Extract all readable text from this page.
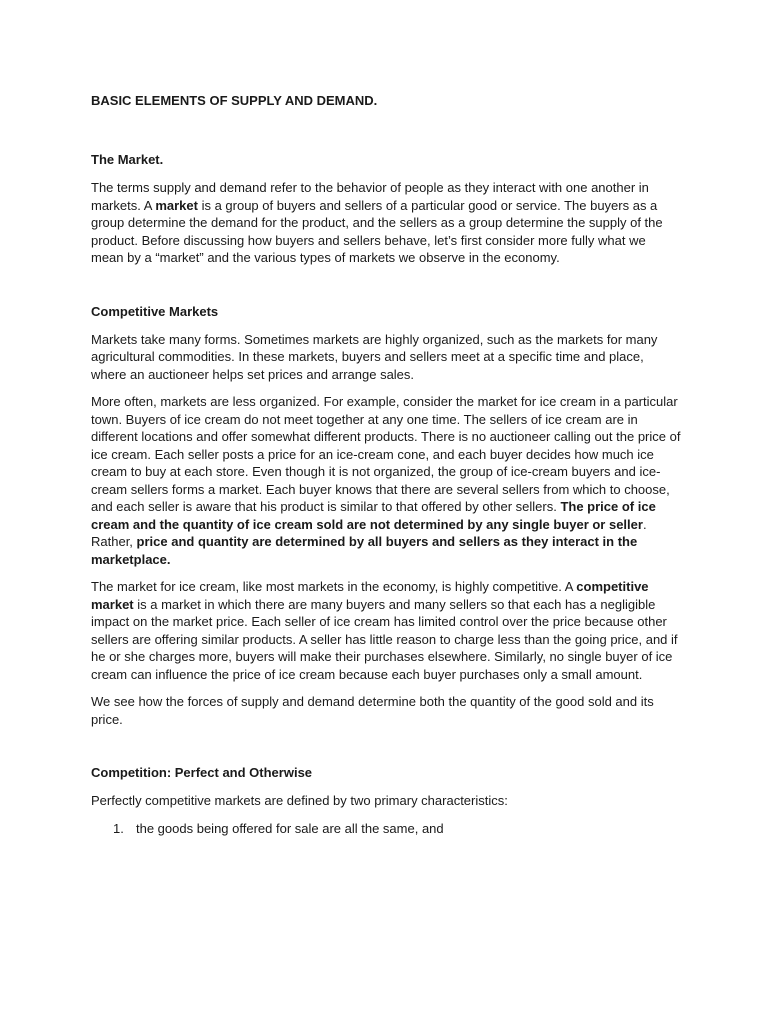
BASIC ELEMENTS OF SUPPLY AND DEMAND.
The Market.

The terms supply and demand refer to the behavior of people as they interact with one another in markets. A market is a group of buyers and sellers of a particular good or service. The buyers as a group determine the demand for the product, and the sellers as a group determine the supply of the product. Before discussing how buyers and sellers behave, let’s first consider more fully what we mean by a “market” and the various types of markets we observe in the economy.

Competitive Markets

Markets take many forms. Sometimes markets are highly organized, such as the markets for many agricultural commodities. In these markets, buyers and sellers meet at a specific time and place, where an auctioneer helps set prices and arrange sales.

More often, markets are less organized. For example, consider the market for ice cream in a particular town. Buyers of ice cream do not meet together at any one time. The sellers of ice cream are in different locations and offer somewhat different products. There is no auctioneer calling out the price of ice cream. Each seller posts a price for an ice-cream cone, and each buyer decides how much ice cream to buy at each store. Even though it is not organized, the group of ice-cream buyers and ice-cream sellers forms a market. Each buyer knows that there are several sellers from which to choose, and each seller is aware that his product is similar to that offered by other sellers. The price of ice cream and the quantity of ice cream sold are not determined by any single buyer or seller. Rather, price and quantity are determined by all buyers and sellers as they interact in the marketplace.

The market for ice cream, like most markets in the economy, is highly competitive. A competitive market is a market in which there are many buyers and many sellers so that each has a negligible impact on the market price. Each seller of ice cream has limited control over the price because other sellers are offering similar products. A seller has little reason to charge less than the going price, and if he or she charges more, buyers will make their purchases elsewhere. Similarly, no single buyer of ice cream can influence the price of ice cream because each buyer purchases only a small amount.

We see how the forces of supply and demand determine both the quantity of the good sold and its price.

Competition: Perfect and Otherwise

Perfectly competitive markets are defined by two primary characteristics:

1. the goods being offered for sale are all the same, and
